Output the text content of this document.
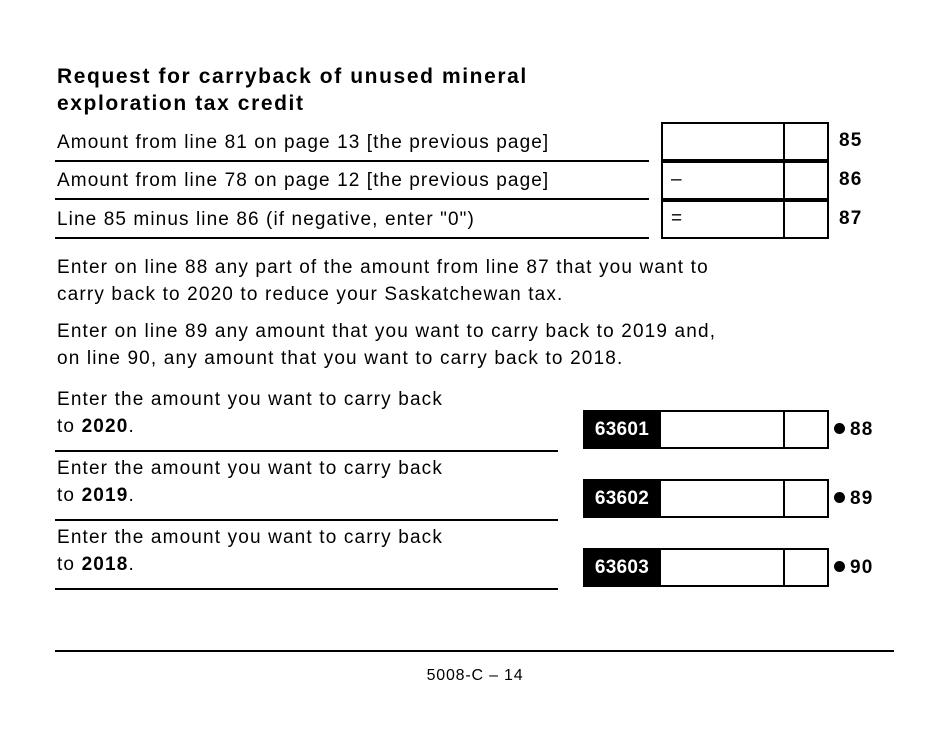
Request for carryback of unused mineral
exploration tax credit
Amount from line 81 on page 13 [the previous page]	85
Amount from line 78 on page 12 [the previous page]	–	86
Line 85 minus line 86 (if negative, enter "0")	=	87
Enter on line 88 any part of the amount from line 87 that you want to
carry back to 2020 to reduce your Saskatchewan tax.
Enter on line 89 any amount that you want to carry back to 2019 and,
on line 90, any amount that you want to carry back to 2018.
Enter the amount you want to carry back
to 2020.	63601	88
Enter the amount you want to carry back
to 2019.	63602	89
Enter the amount you want to carry back
to 2018.	63603	90
5008-C – 14
